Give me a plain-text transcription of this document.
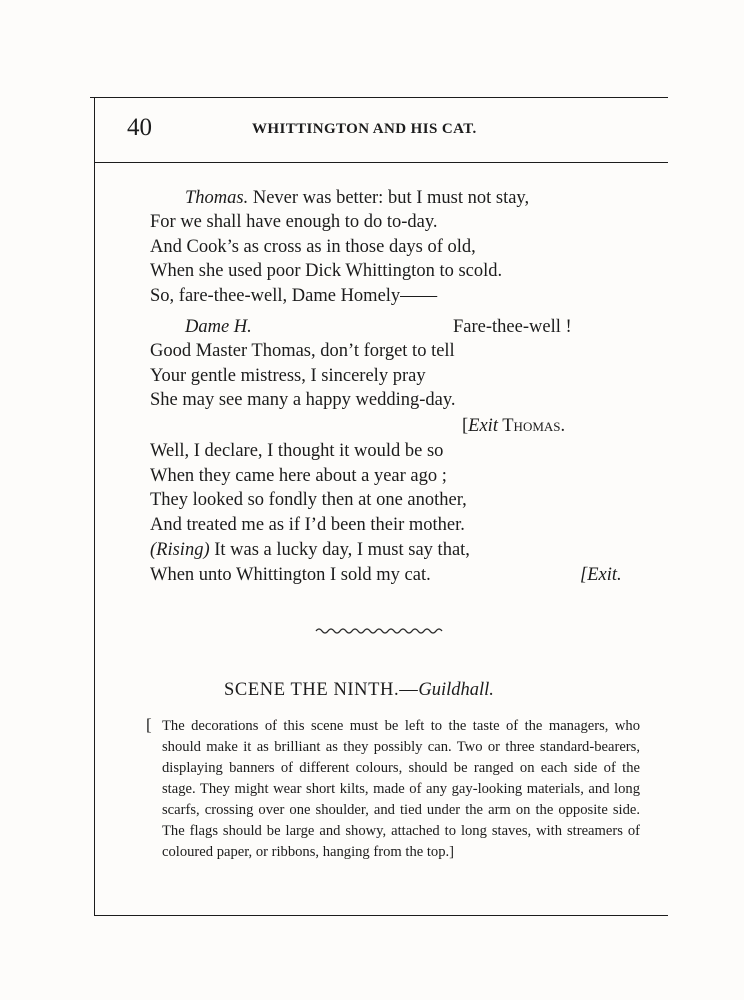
40	WHITTINGTON AND HIS CAT.
Thomas. Never was better: but I must not stay,
For we shall have enough to do to-day.
And Cook’s as cross as in those days of old,
When she used poor Dick Whittington to scold.
So, fare-thee-well, Dame Homely——
Dame H.	Fare-thee-well !
Good Master Thomas, don’t forget to tell
Your gentle mistress, I sincerely pray
She may see many a happy wedding-day.
[Exit Thomas.
Well, I declare, I thought it would be so
When they came here about a year ago ;
They looked so fondly then at one another,
And treated me as if I’d been their mother.
(Rising) It was a lucky day, I must say that,
When unto Whittington I sold my cat.	[Exit.
SCENE THE NINTH.—Guildhall.
[ The decorations of this scene must be left to the taste of the managers, who should make it as brilliant as they possibly can. Two or three standard-bearers, displaying banners of different colours, should be ranged on each side of the stage. They might wear short kilts, made of any gay-looking materials, and long scarfs, crossing over one shoulder, and tied under the arm on the opposite side. The flags should be large and showy, attached to long staves, with streamers of coloured paper, or ribbons, hanging from the top.]
